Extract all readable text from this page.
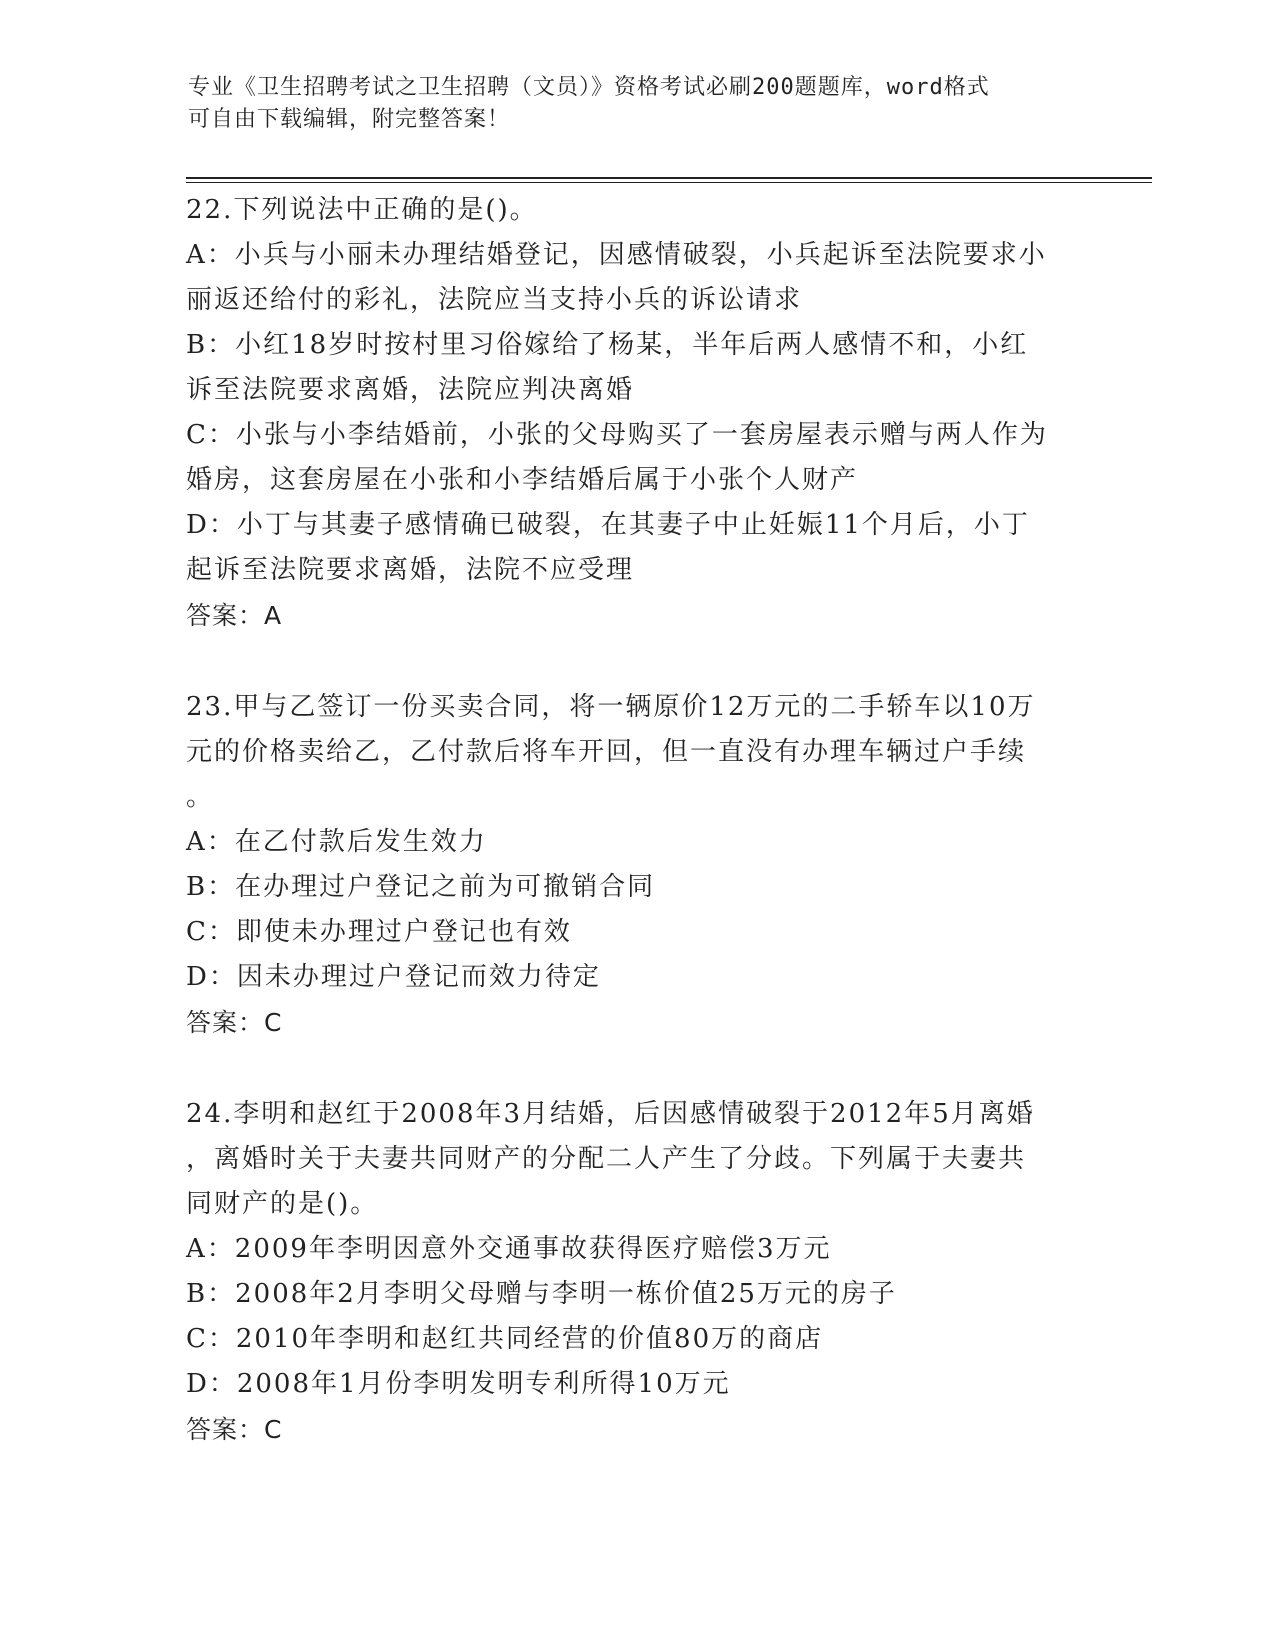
专业《卫生招聘考试之卫生招聘（文员）》资格考试必刷200题题库，word格式
可自由下载编辑，附完整答案！
22.下列说法中正确的是()。
A：小兵与小丽未办理结婚登记，因感情破裂，小兵起诉至法院要求小
丽返还给付的彩礼，法院应当支持小兵的诉讼请求
B：小红18岁时按村里习俗嫁给了杨某，半年后两人感情不和，小红
诉至法院要求离婚，法院应判决离婚
C：小张与小李结婚前，小张的父母购买了一套房屋表示赠与两人作为
婚房，这套房屋在小张和小李结婚后属于小张个人财产
D：小丁与其妻子感情确已破裂，在其妻子中止妊娠11个月后，小丁
起诉至法院要求离婚，法院不应受理
答案：A
23.甲与乙签订一份买卖合同，将一辆原价12万元的二手轿车以10万
元的价格卖给乙，乙付款后将车开回，但一直没有办理车辆过户手续
。
A：在乙付款后发生效力
B：在办理过户登记之前为可撤销合同
C：即使未办理过户登记也有效
D：因未办理过户登记而效力待定
答案：C
24.李明和赵红于2008年3月结婚，后因感情破裂于2012年5月离婚
，离婚时关于夫妻共同财产的分配二人产生了分歧。下列属于夫妻共
同财产的是()。
A：2009年李明因意外交通事故获得医疗赔偿3万元
B：2008年2月李明父母赠与李明一栋价值25万元的房子
C：2010年李明和赵红共同经营的价值80万的商店
D：2008年1月份李明发明专利所得10万元
答案：C
